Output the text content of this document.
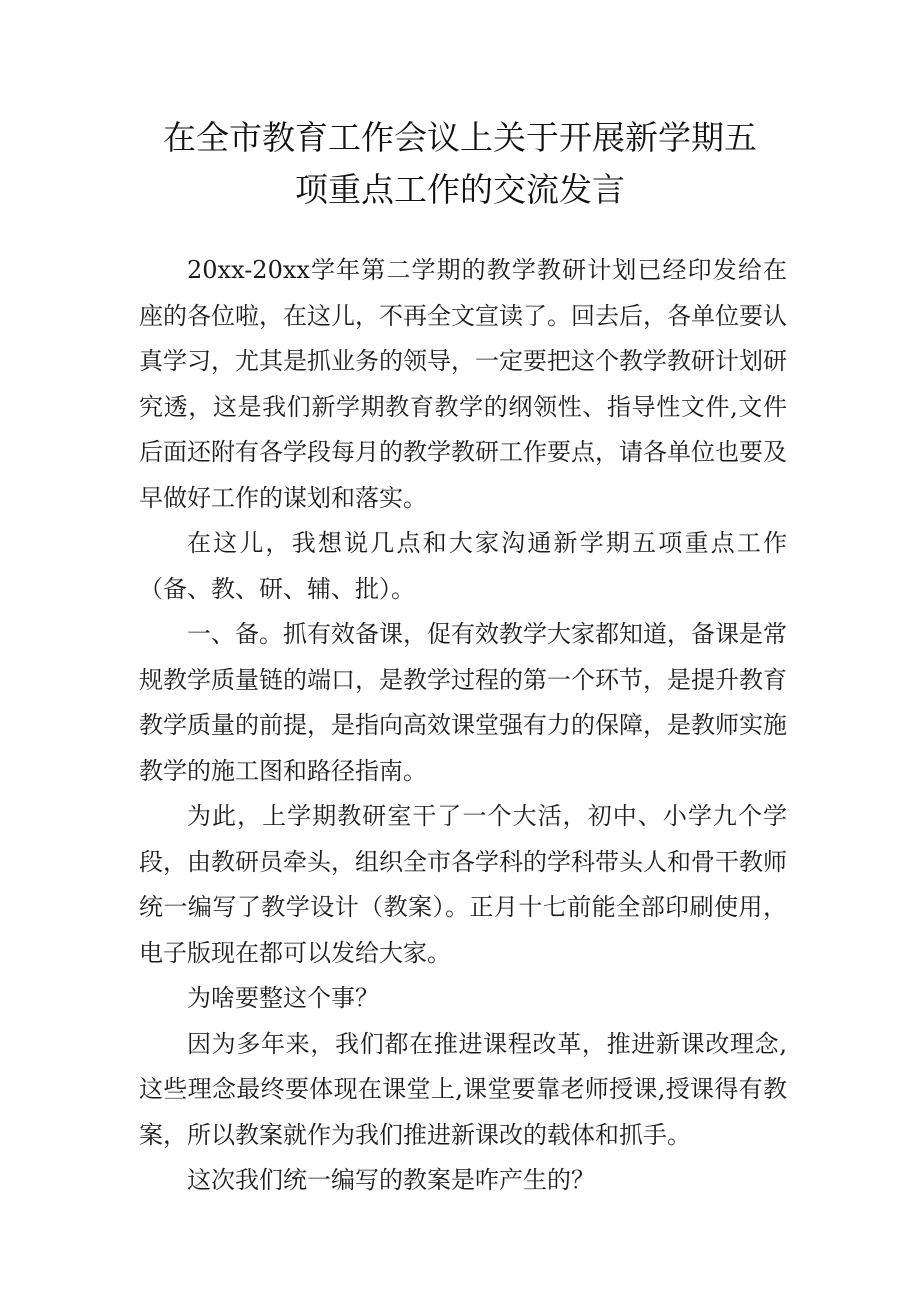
在全市教育工作会议上关于开展新学期五
项重点工作的交流发言

20xx-20xx学年第二学期的教学教研计划已经印发给在座的各位啦，在这儿，不再全文宣读了。回去后，各单位要认真学习，尤其是抓业务的领导，一定要把这个教学教研计划研究透，这是我们新学期教育教学的纲领性、指导性文件,文件后面还附有各学段每月的教学教研工作要点，请各单位也要及早做好工作的谋划和落实。

在这儿，我想说几点和大家沟通新学期五项重点工作（备、教、研、辅、批）。

一、备。抓有效备课，促有效教学大家都知道，备课是常规教学质量链的端口，是教学过程的第一个环节，是提升教育教学质量的前提，是指向高效课堂强有力的保障，是教师实施教学的施工图和路径指南。

为此，上学期教研室干了一个大活，初中、小学九个学段，由教研员牵头，组织全市各学科的学科带头人和骨干教师统一编写了教学设计（教案）。正月十七前能全部印刷使用，电子版现在都可以发给大家。

为啥要整这个事？

因为多年来，我们都在推进课程改革，推进新课改理念,这些理念最终要体现在课堂上,课堂要靠老师授课,授课得有教案，所以教案就作为我们推进新课改的载体和抓手。

这次我们统一编写的教案是咋产生的？
